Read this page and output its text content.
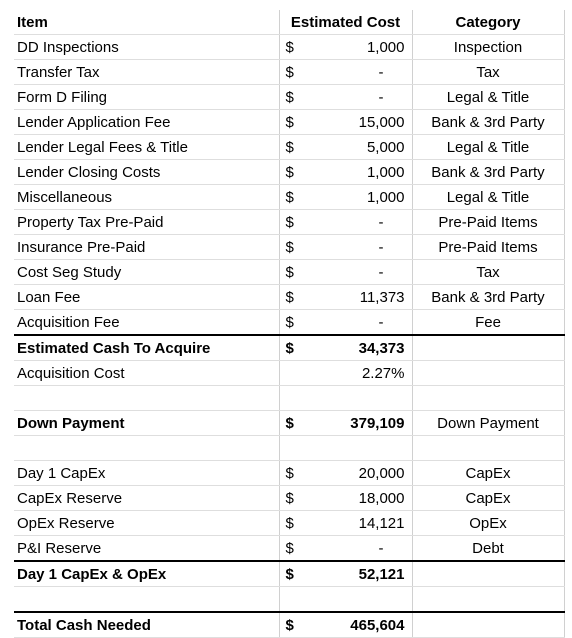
Item	Estimated Cost		Category
DD Inspections	$	1,000	Inspection
Transfer Tax	$	-	Tax
Form D Filing	$	-	Legal & Title
Lender Application Fee	$	15,000	Bank & 3rd Party
Lender Legal Fees & Title	$	5,000	Legal & Title
Lender Closing Costs	$	1,000	Bank & 3rd Party
Miscellaneous	$	1,000	Legal & Title
Property Tax Pre-Paid	$	-	Pre-Paid Items
Insurance Pre-Paid	$	-	Pre-Paid Items
Cost Seg Study	$	-	Tax
Loan Fee	$	11,373	Bank & 3rd Party
Acquisition Fee	$	-	Fee
Estimated Cash To Acquire	$	34,373	
Acquisition Cost		2.27%	

Down Payment	$	379,109	Down Payment

Day 1 CapEx	$	20,000	CapEx
CapEx Reserve	$	18,000	CapEx
OpEx Reserve	$	14,121	OpEx
P&I Reserve	$	-	Debt
Day 1 CapEx & OpEx	$	52,121	

Total Cash Needed	$	465,604	
